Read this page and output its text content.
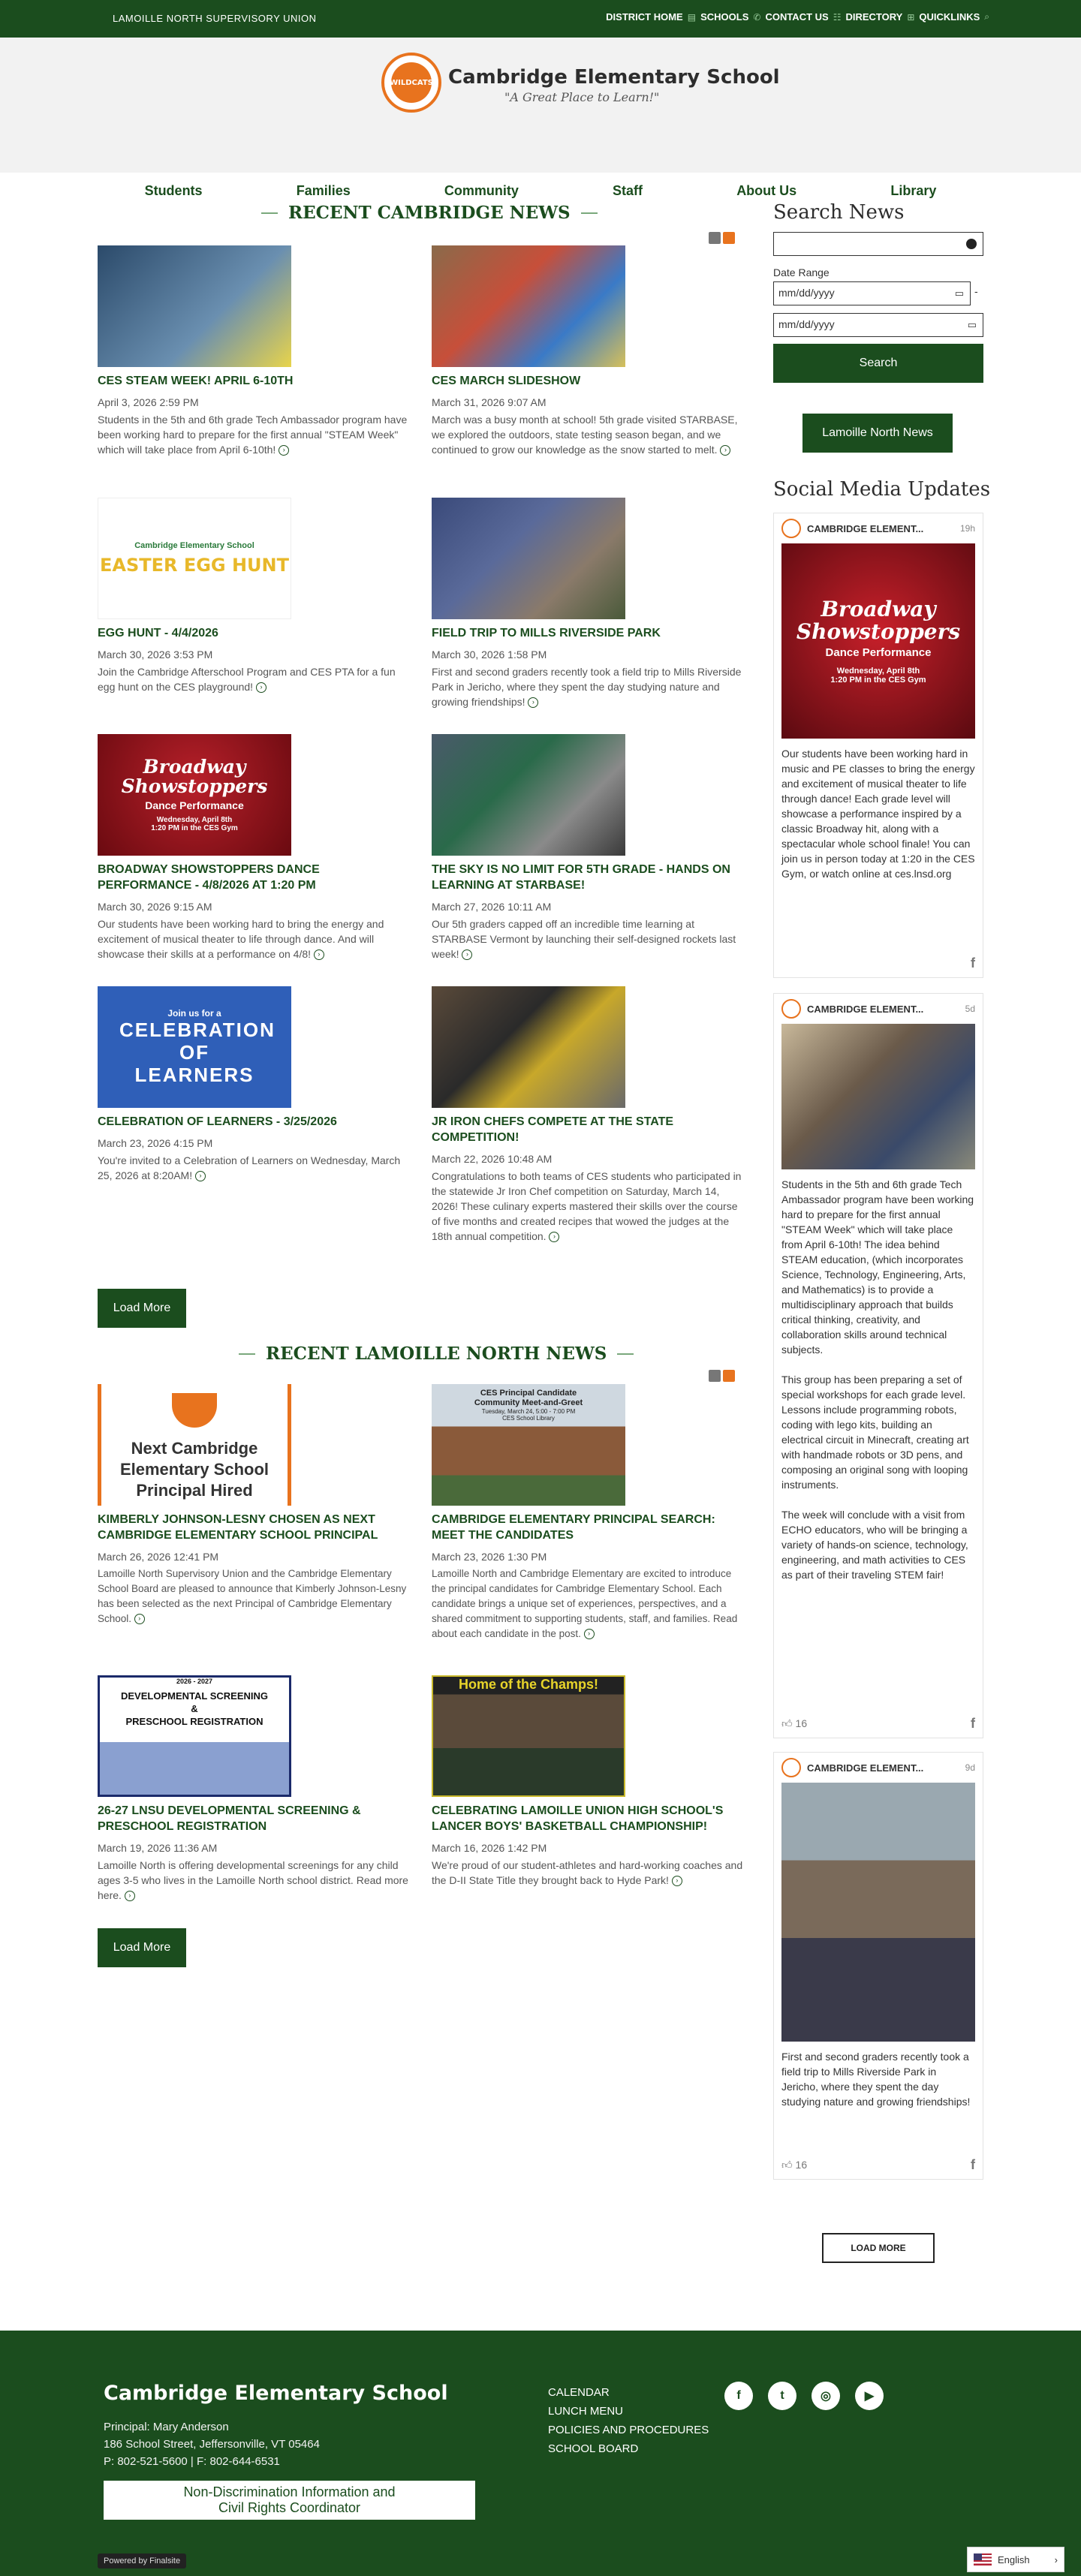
LAMOILLE NORTH SUPERVISORY UNION	DISTRICT HOME ▤ SCHOOLS ✆ CONTACT US ☷ DIRECTORY ⊞ QUICKLINKS ⌕
Students	Families	Community	Staff	About Us	Library
WILDCATS Cambridge Elementary School
"A Great Place to Learn!"
RECENT CAMBRIDGE NEWS
CES STEAM WEEK! APRIL 6-10TH
April 3, 2026 2:59 PM

Students in the 5th and 6th grade Tech Ambassador program have been working hard to prepare for the first annual "STEAM Week" which will take place from April 6-10th! ›

CES MARCH SLIDESHOW
March 31, 2026 9:07 AM

March was a busy month at school! 5th grade visited STARBASE, we explored the outdoors, state testing season began, and we continued to grow our knowledge as the snow started to melt. ›

Cambridge Elementary School
EASTER EGG HUNT
EGG HUNT - 4/4/2026
March 30, 2026 3:53 PM

Join the Cambridge Afterschool Program and CES PTA for a fun egg hunt on the CES playground! ›

FIELD TRIP TO MILLS RIVERSIDE PARK
March 30, 2026 1:58 PM

First and second graders recently took a field trip to Mills Riverside Park in Jericho, where they spent the day studying nature and growing friendships! ›

Broadway Showstoppers
Dance Performance
Wednesday, April 8th
1:20 PM in the CES Gym
BROADWAY SHOWSTOPPERS DANCE PERFORMANCE - 4/8/2026 AT 1:20 PM
March 30, 2026 9:15 AM

Our students have been working hard to bring the energy and excitement of musical theater to life through dance. And will showcase their skills at a performance on 4/8! ›

THE SKY IS NO LIMIT FOR 5TH GRADE - HANDS ON LEARNING AT STARBASE!
March 27, 2026 10:11 AM

Our 5th graders capped off an incredible time learning at STARBASE Vermont by launching their self-designed rockets last week! ›

Join us for a
CELEBRATION OF LEARNERS
CELEBRATION OF LEARNERS - 3/25/2026
March 23, 2026 4:15 PM

You're invited to a Celebration of Learners on Wednesday, March 25, 2026 at 8:20AM! ›

JR IRON CHEFS COMPETE AT THE STATE COMPETITION!
March 22, 2026 10:48 AM

Congratulations to both teams of CES students who participated in the statewide Jr Iron Chef competition on Saturday, March 14, 2026! These culinary experts mastered their skills over the course of five months and created recipes that wowed the judges at the 18th annual competition. ›

Load More
RECENT LAMOILLE NORTH NEWS
Next Cambridge Elementary School Principal Hired
KIMBERLY JOHNSON-LESNY CHOSEN AS NEXT CAMBRIDGE ELEMENTARY SCHOOL PRINCIPAL
March 26, 2026 12:41 PM

Lamoille North Supervisory Union and the Cambridge Elementary School Board are pleased to announce that Kimberly Johnson-Lesny has been selected as the next Principal of Cambridge Elementary School. ›

CES Principal Candidate Community Meet-and-Greet
Tuesday, March 24, 5:00 - 7:00 PM
CES School Library
CAMBRIDGE ELEMENTARY PRINCIPAL SEARCH: MEET THE CANDIDATES
March 23, 2026 1:30 PM

Lamoille North and Cambridge Elementary are excited to introduce the principal candidates for Cambridge Elementary School. Each candidate brings a unique set of experiences, perspectives, and a shared commitment to supporting students, staff, and families. Read about each candidate in the post. ›

2026 - 2027
DEVELOPMENTAL SCREENING
&
PRESCHOOL REGISTRATION
26-27 LNSU DEVELOPMENTAL SCREENING & PRESCHOOL REGISTRATION
March 19, 2026 11:36 AM

Lamoille North is offering developmental screenings for any child ages 3-5 who lives in the Lamoille North school district. Read more here. ›

Home of the Champs!
CELEBRATING LAMOILLE UNION HIGH SCHOOL'S LANCER BOYS' BASKETBALL CHAMPIONSHIP!
March 16, 2026 1:42 PM

We're proud of our student-athletes and hard-working coaches and the D-II State Title they brought back to Hyde Park! ›

Load More
Search News
Date Range
mm/dd/yyyy	▭ -
mm/dd/yyyy	▭
Search
Lamoille North News
Social Media Updates
CAMBRIDGE ELEMENT...	19h
Broadway Showstoppers
Dance Performance
Wednesday, April 8th
1:20 PM in the CES Gym
Our students have been working hard in music and PE classes to bring the energy and excitement of musical theater to life through dance! Each grade level will showcase a performance inspired by a classic Broadway hit, along with a spectacular whole school finale! You can join us in person today at 1:20 in the CES Gym, or watch online at ces.lnsd.org
f
CAMBRIDGE ELEMENT...	5d
Students in the 5th and 6th grade Tech Ambassador program have been working hard to prepare for the first annual "STEAM Week" which will take place from April 6-10th! The idea behind STEAM education, (which incorporates Science, Technology, Engineering, Arts, and Mathematics) is to provide a multidisciplinary approach that builds critical thinking, creativity, and collaboration skills around technical subjects.

This group has been preparing a set of special workshops for each grade level. Lessons include programming robots, coding with lego kits, building an electrical circuit in Minecraft, creating art with handmade robots or 3D pens, and composing an original song with looping instruments.

The week will conclude with a visit from ECHO educators, who will be bringing a variety of hands-on science, technology, engineering, and math activities to CES as part of their traveling STEM fair!
👍︎ 16	f
CAMBRIDGE ELEMENT...	9d
First and second graders recently took a field trip to Mills Riverside Park in Jericho, where they spent the day studying nature and growing friendships!
👍︎ 16	f
LOAD MORE
Cambridge Elementary School
Principal: Mary Anderson
186 School Street, Jeffersonville, VT 05464
P: 802-521-5600 | F: 802-644-6531
CALENDAR
LUNCH MENU
POLICIES AND PROCEDURES
SCHOOL BOARD
f	t	◎	▶
Non-Discrimination Information and
Civil Rights Coordinator
Powered by Finalsite	English	›
